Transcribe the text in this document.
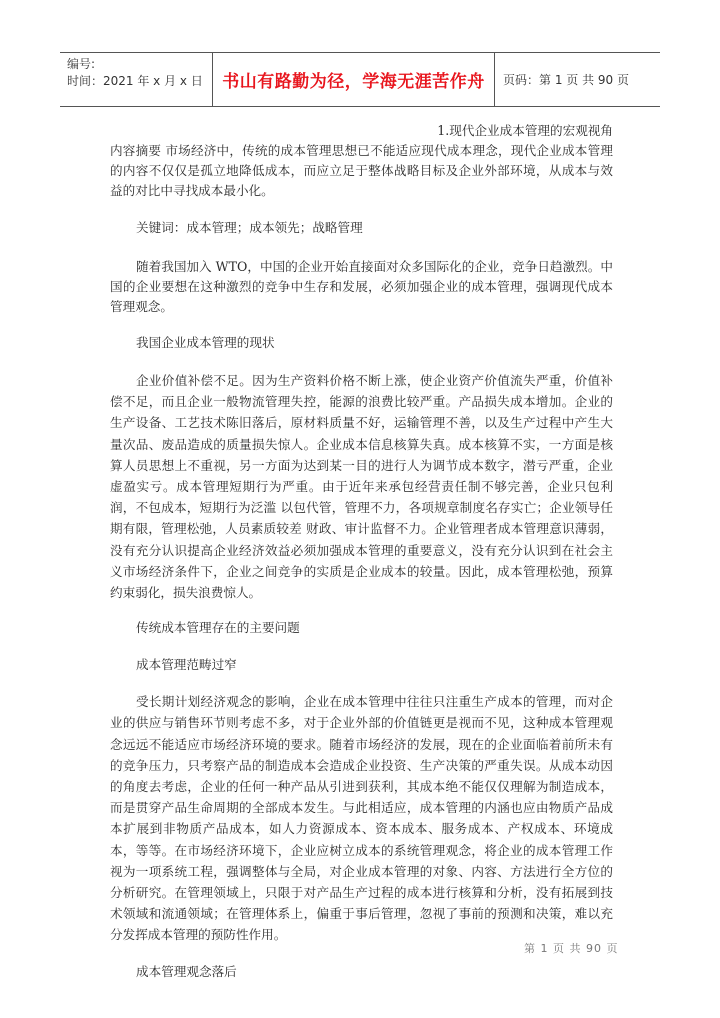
编号:
时间：2021 年 x 月 x 日	书山有路勤为径，学海无涯苦作舟 页码：第 1 页 共 90 页
1.现代企业成本管理的宏观视角

内容摘要 市场经济中，传统的成本管理思想已不能适应现代成本理念，现代企业成本管理的内容不仅仅是孤立地降低成本，而应立足于整体战略目标及企业外部环境，从成本与效益的对比中寻找成本最小化。

关键词：成本管理；成本领先；战略管理

随着我国加入 WTO，中国的企业开始直接面对众多国际化的企业，竞争日趋激烈。中国的企业要想在这种激烈的竞争中生存和发展，必须加强企业的成本管理，强调现代成本管理观念。

我国企业成本管理的现状

企业价值补偿不足。因为生产资料价格不断上涨，使企业资产价值流失严重，价值补偿不足，而且企业一般物流管理失控，能源的浪费比较严重。产品损失成本增加。企业的生产设备、工艺技术陈旧落后，原材料质量不好，运输管理不善，以及生产过程中产生大量次品、废品造成的质量损失惊人。企业成本信息核算失真。成本核算不实，一方面是核算人员思想上不重视，另一方面为达到某一目的进行人为调节成本数字，潜亏严重，企业虚盈实亏。成本管理短期行为严重。由于近年来承包经营责任制不够完善，企业只包利润，不包成本，短期行为泛滥 以包代管，管理不力，各项规章制度名存实亡；企业领导任期有限，管理松弛，人员素质较差 财政、审计监督不力。企业管理者成本管理意识薄弱，没有充分认识提高企业经济效益必须加强成本管理的重要意义，没有充分认识到在社会主义市场经济条件下，企业之间竞争的实质是企业成本的较量。因此，成本管理松弛，预算约束弱化，损失浪费惊人。

传统成本管理存在的主要问题

成本管理范畴过窄

受长期计划经济观念的影响，企业在成本管理中往往只注重生产成本的管理，而对企业的供应与销售环节则考虑不多，对于企业外部的价值链更是视而不见，这种成本管理观念远远不能适应市场经济环境的要求。随着市场经济的发展，现在的企业面临着前所未有的竞争压力，只考察产品的制造成本会造成企业投资、生产决策的严重失误。从成本动因的角度去考虑，企业的任何一种产品从引进到获利，其成本绝不能仅仅理解为制造成本，而是贯穿产品生命周期的全部成本发生。与此相适应，成本管理的内涵也应由物质产品成本扩展到非物质产品成本，如人力资源成本、资本成本、服务成本、产权成本、环境成本，等等。在市场经济环境下，企业应树立成本的系统管理观念，将企业的成本管理工作视为一项系统工程，强调整体与全局，对企业成本管理的对象、内容、方法进行全方位的分析研究。在管理领域上，只限于对产品生产过程的成本进行核算和分析，没有拓展到技术领域和流通领域；在管理体系上，偏重于事后管理，忽视了事前的预测和决策，难以充分发挥成本管理的预防性作用。

成本管理观念落后

第 1 页 共 90 页
